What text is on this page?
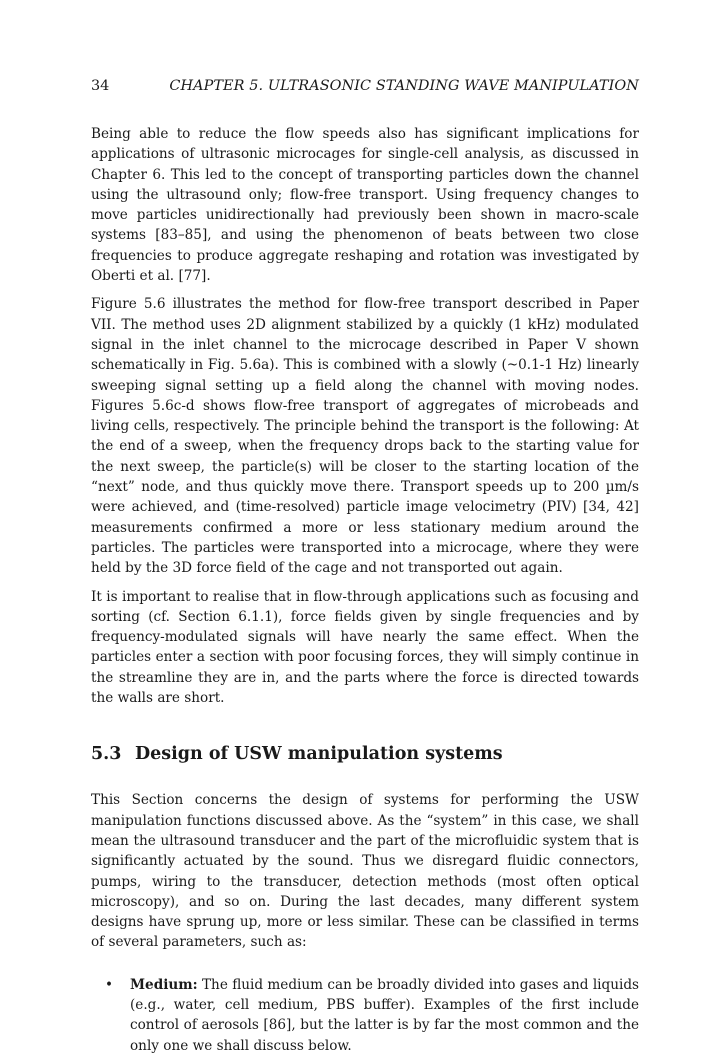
34	CHAPTER 5. ULTRASONIC STANDING WAVE MANIPULATION

Being able to reduce the flow speeds also has significant implications for applications of ultrasonic microcages for single-cell analysis, as discussed in Chapter 6. This led to the concept of transporting particles down the channel using the ultrasound only; flow-free transport. Using frequency changes to move particles unidirectionally had previously been shown in macro-scale systems [83–85], and using the phenomenon of beats between two close frequencies to produce aggregate reshaping and rotation was investigated by Oberti et al. [77].

Figure 5.6 illustrates the method for flow-free transport described in Paper VII. The method uses 2D alignment stabilized by a quickly (1 kHz) modulated signal in the inlet channel to the microcage described in Paper V shown schematically in Fig. 5.6a). This is combined with a slowly (~0.1-1 Hz) linearly sweeping signal setting up a field along the channel with moving nodes. Figures 5.6c-d shows flow-free transport of aggregates of microbeads and living cells, respectively. The principle behind the transport is the following: At the end of a sweep, when the frequency drops back to the starting value for the next sweep, the particle(s) will be closer to the starting location of the “next” node, and thus quickly move there. Transport speeds up to 200 µm/s were achieved, and (time-resolved) particle image velocimetry (PIV) [34, 42] measurements confirmed a more or less stationary medium around the particles. The particles were transported into a microcage, where they were held by the 3D force field of the cage and not transported out again.

It is important to realise that in flow-through applications such as focusing and sorting (cf. Section 6.1.1), force fields given by single frequencies and by frequency-modulated signals will have nearly the same effect. When the particles enter a section with poor focusing forces, they will simply continue in the streamline they are in, and the parts where the force is directed towards the walls are short.

5.3 Design of USW manipulation systems

This Section concerns the design of systems for performing the USW manipulation functions discussed above. As the “system” in this case, we shall mean the ultrasound transducer and the part of the microfluidic system that is significantly actuated by the sound. Thus we disregard fluidic connectors, pumps, wiring to the transducer, detection methods (most often optical microscopy), and so on. During the last decades, many different system designs have sprung up, more or less similar. These can be classified in terms of several parameters, such as:

• Medium: The fluid medium can be broadly divided into gases and liquids (e.g., water, cell medium, PBS buffer). Examples of the first include control of aerosols [86], but the latter is by far the most common and the only one we shall discuss below.
